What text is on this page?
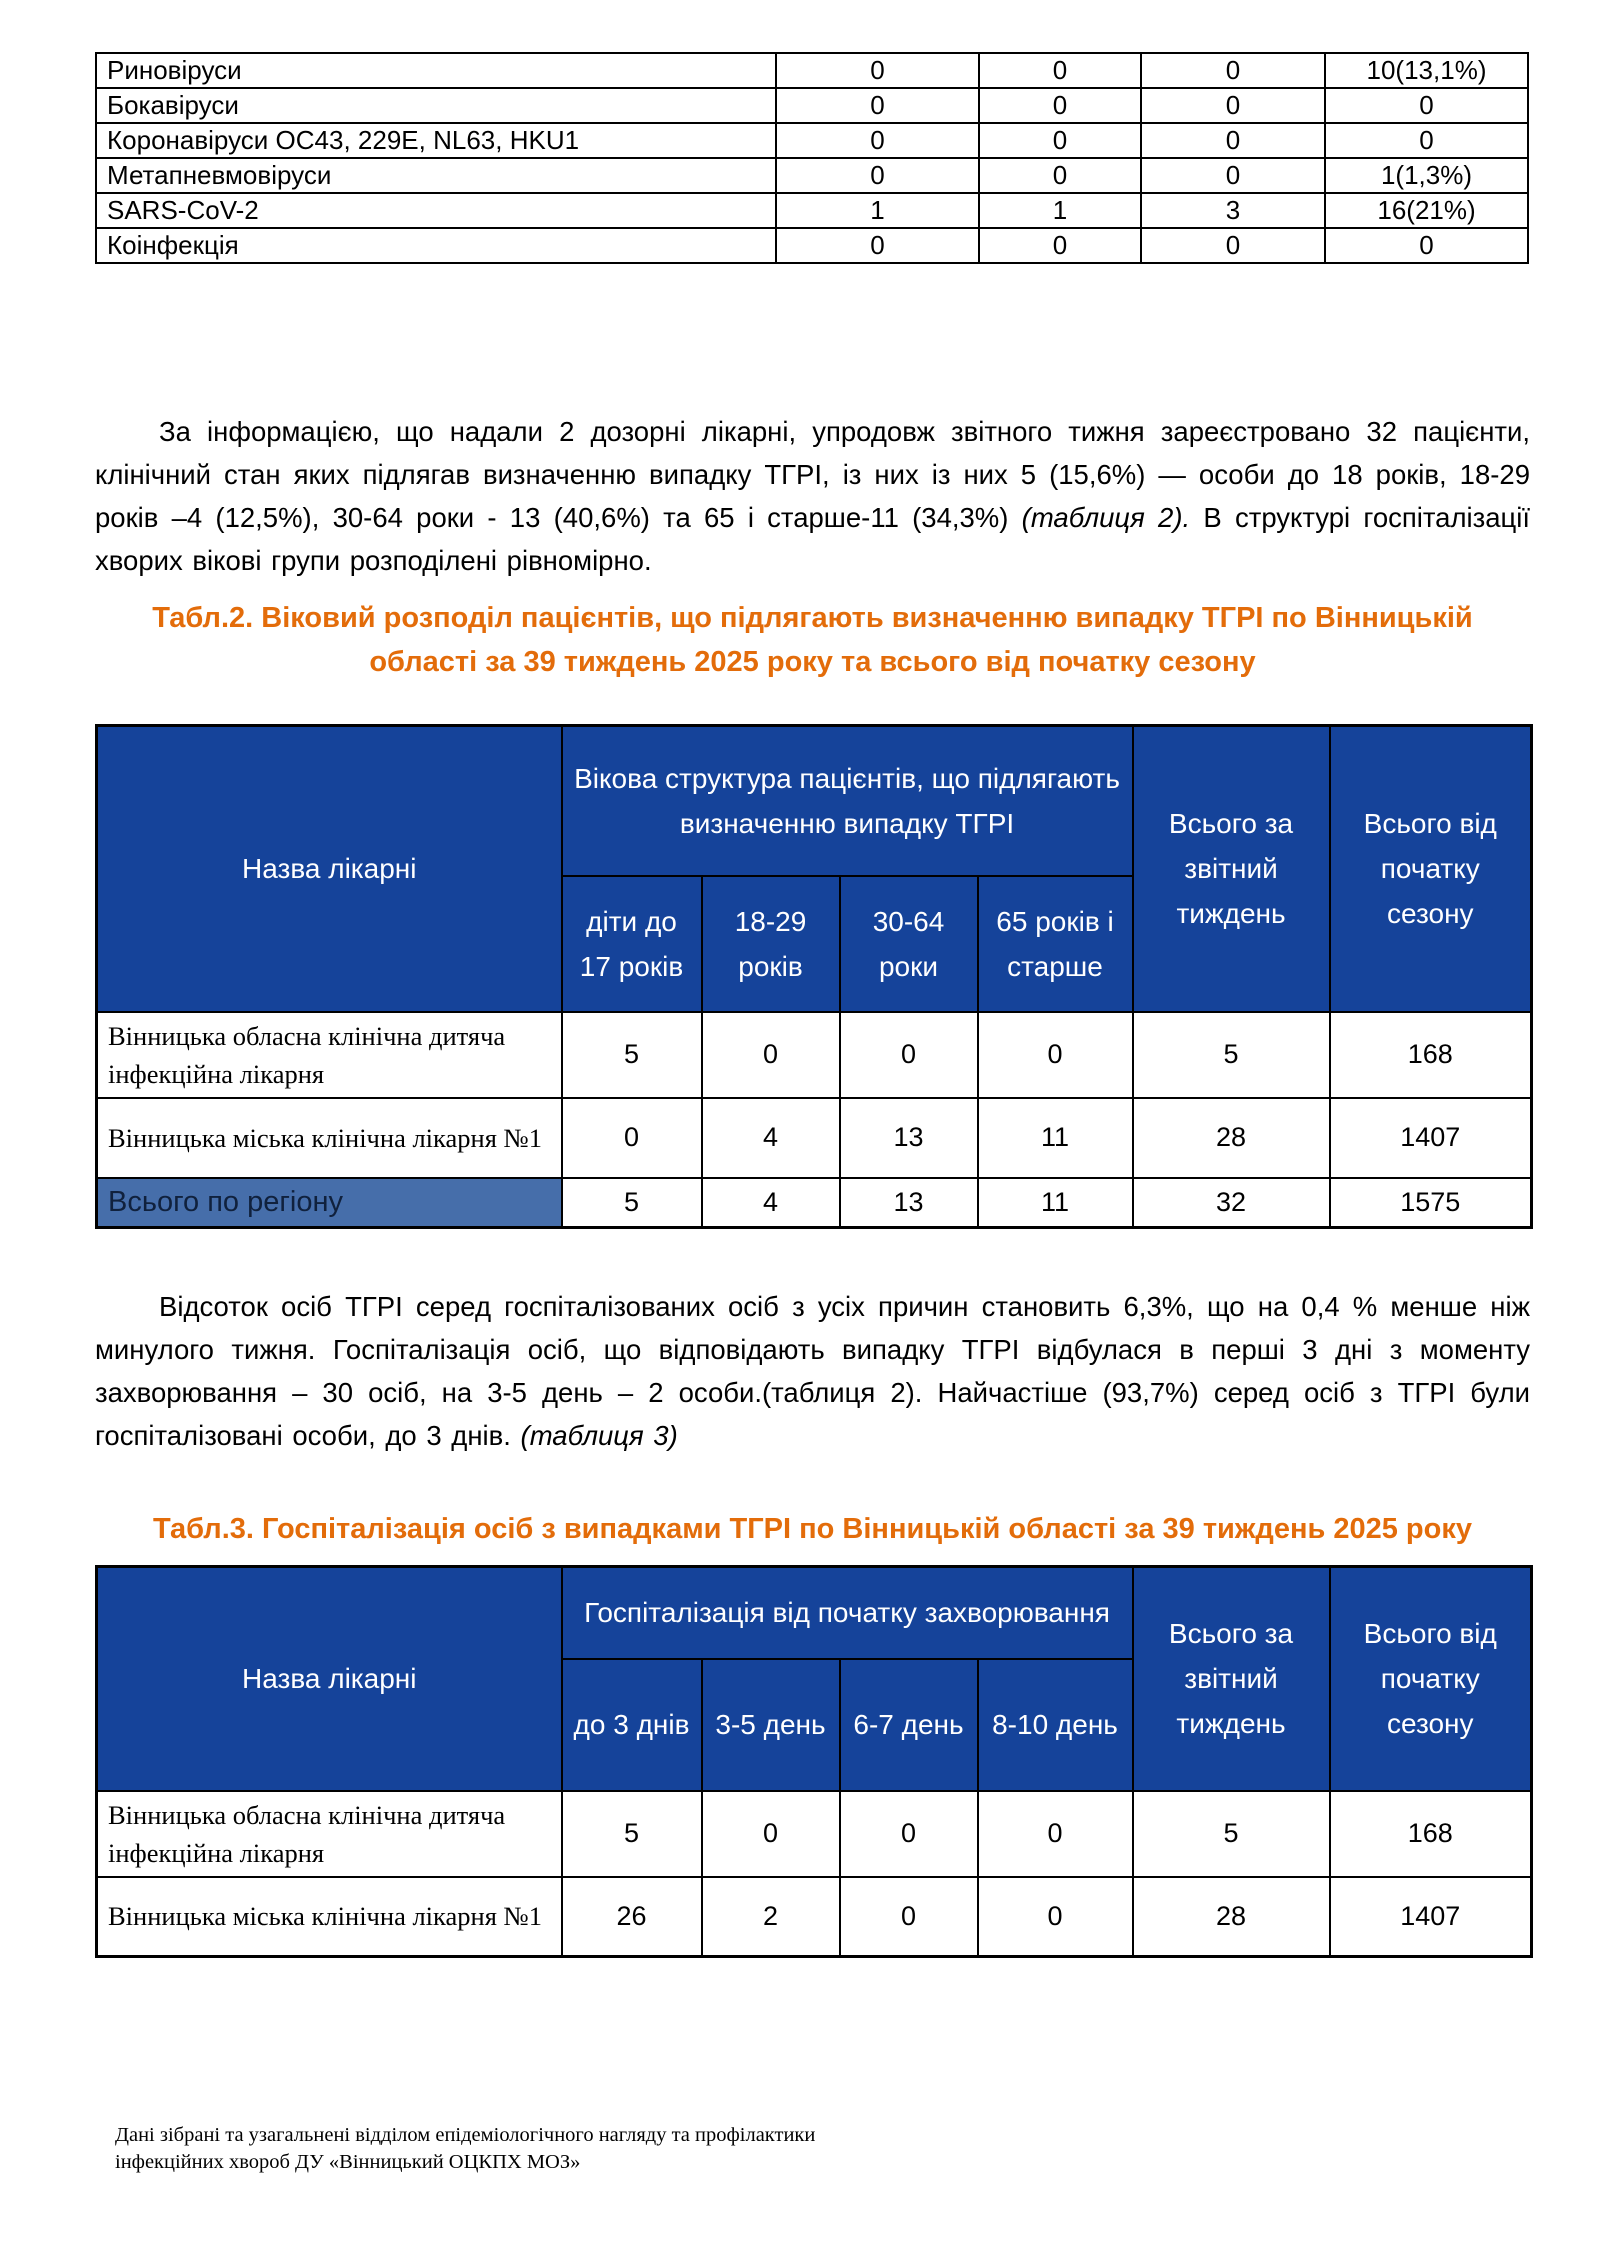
Риновіруси	0	0	0	10(13,1%)
Бокавіруси	0	0	0	0
Коронавіруси ОС43, 229Е, NL63, HKU1	0	0	0	0
Метапневмовіруси	0	0	0	1(1,3%)
SARS-CoV-2	1	1	3	16(21%)
Коінфекція	0	0	0	0

За інформацією, що надали 2 дозорні лікарні, упродовж звітного тижня зареєстровано 32 пацієнти, клінічний стан яких підлягав визначенню випадку ТГРІ, із них із них 5 (15,6%) — особи до 18 років, 18-29 років –4 (12,5%), 30-64 роки - 13 (40,6%) та 65 і старше-11 (34,3%) (таблиця 2). В структурі госпіталізації хворих вікові групи розподілені рівномірно.

Табл.2. Віковий розподіл пацієнтів, що підлягають визначенню випадку ТГРІ по Вінницькій області за 39 тиждень 2025 року та всього від початку сезону
Назва лікарні	Вікова структура пацієнтів, що підлягають визначенню випадку ТГРІ				Всього за звітний тиждень	Всього від початку сезону
	діти до 17 років	18-29 років	30-64 роки	65 років і старше		
Вінницька обласна клінічна дитяча інфекційна лікарня	5	0	0	0	5	168
Вінницька міська клінічна лікарня №1	0	4	13	11	28	1407
Всього по регіону	5	4	13	11	32	1575

Відсоток осіб ТГРІ серед госпіталізованих осіб з усіх причин становить 6,3%, що на 0,4 % менше ніж минулого тижня. Госпіталізація осіб, що відповідають випадку ТГРІ відбулася в перші 3 дні з моменту захворювання – 30 осіб, на 3-5 день – 2 особи.(таблиця 2). Найчастіше (93,7%) серед осіб з ТГРІ були госпіталізовані особи, до 3 днів. (таблиця 3)

Табл.3. Госпіталізація осіб з випадками ТГРІ по Вінницькій області за 39 тиждень 2025 року
Назва лікарні	Госпіталізація від початку захворювання				Всього за звітний тиждень	Всього від початку сезону
	до 3 днів	3-5 день	6-7 день	8-10 день		
Вінницька обласна клінічна дитяча інфекційна лікарня	5	0	0	0	5	168
Вінницька міська клінічна лікарня №1	26	2	0	0	28	1407
Дані зібрані та узагальнені відділом епідеміологічного нагляду та профілактики
інфекційних хвороб ДУ «Вінницький ОЦКПХ МОЗ»
